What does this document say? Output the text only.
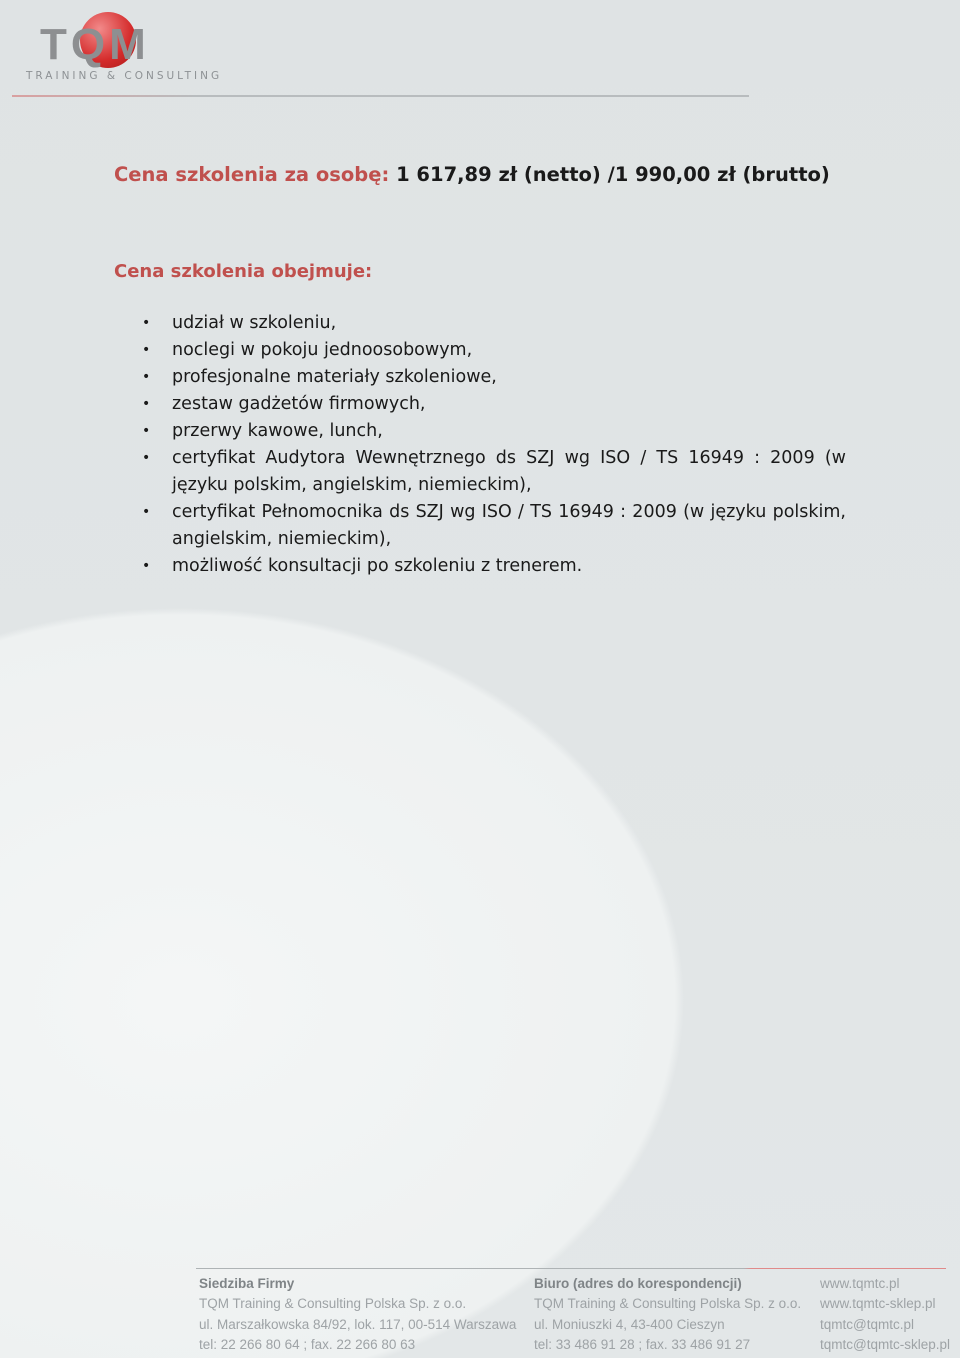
TQM
TRAINING & CONSULTING
Cena szkolenia za osobę: 1 617,89 zł (netto) /1 990,00 zł (brutto)
Cena szkolenia obejmuje:
• udział w szkoleniu,
• noclegi w pokoju jednoosobowym,
• profesjonalne materiały szkoleniowe,
• zestaw gadżetów firmowych,
• przerwy kawowe, lunch,
• certyfikat Audytora Wewnętrznego ds SZJ wg ISO / TS 16949 : 2009 (w języku polskim, angielskim, niemieckim),
• certyfikat Pełnomocnika ds SZJ wg ISO / TS 16949 : 2009 (w języku polskim, angielskim, niemieckim),
• możliwość konsultacji po szkoleniu z trenerem.
Siedziba Firmy
TQM Training & Consulting Polska Sp. z o.o.
ul. Marszałkowska 84/92, lok. 117, 00-514 Warszawa
tel: 22 266 80 64 ; fax. 22 266 80 63
Biuro (adres do korespondencji)
TQM Training & Consulting Polska Sp. z o.o.
ul. Moniuszki 4, 43-400 Cieszyn
tel: 33 486 91 28 ; fax. 33 486 91 27
www.tqmtc.pl
www.tqmtc-sklep.pl
tqmtc@tqmtc.pl
tqmtc@tqmtc-sklep.pl
